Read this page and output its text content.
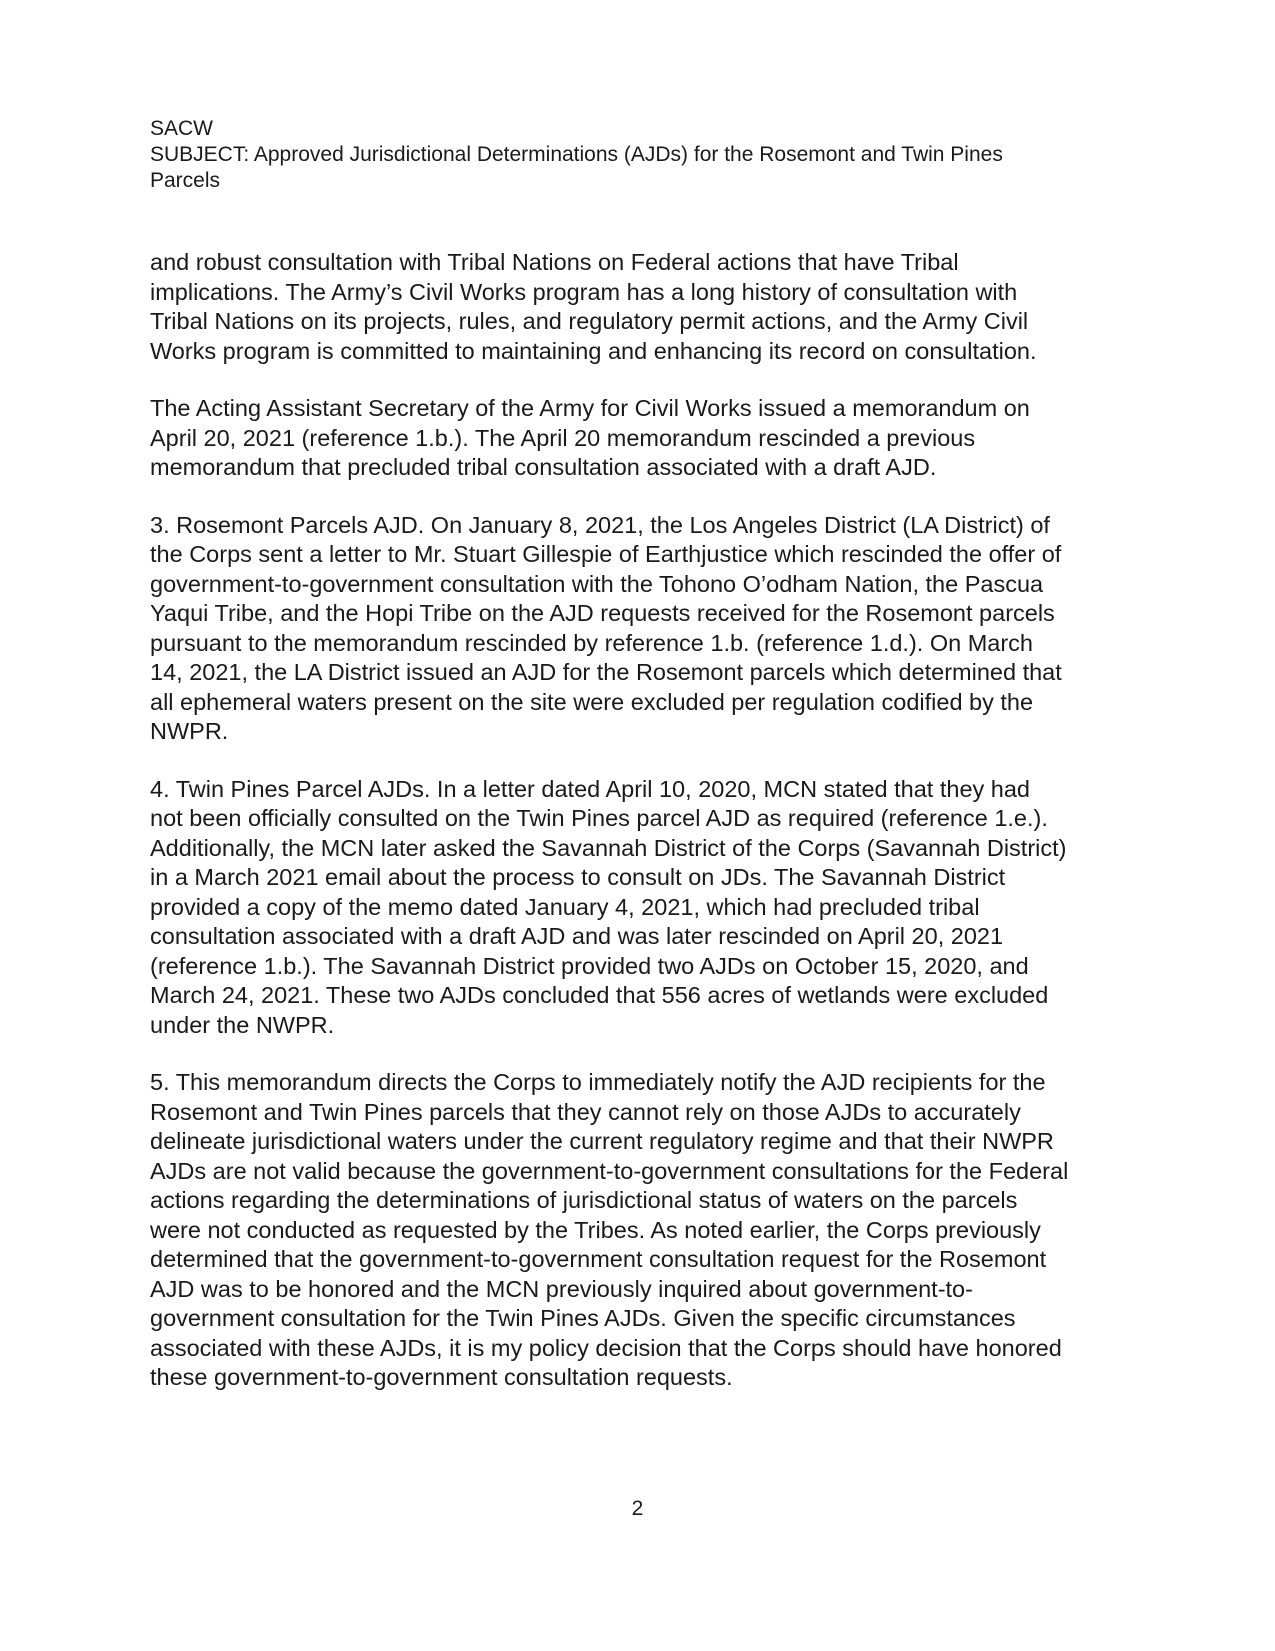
SACW
SUBJECT: Approved Jurisdictional Determinations (AJDs) for the Rosemont and Twin Pines
Parcels

and robust consultation with Tribal Nations on Federal actions that have Tribal
implications. The Army’s Civil Works program has a long history of consultation with
Tribal Nations on its projects, rules, and regulatory permit actions, and the Army Civil
Works program is committed to maintaining and enhancing its record on consultation.

The Acting Assistant Secretary of the Army for Civil Works issued a memorandum on
April 20, 2021 (reference 1.b.). The April 20 memorandum rescinded a previous
memorandum that precluded tribal consultation associated with a draft AJD.

3. Rosemont Parcels AJD. On January 8, 2021, the Los Angeles District (LA District) of
the Corps sent a letter to Mr. Stuart Gillespie of Earthjustice which rescinded the offer of
government-to-government consultation with the Tohono O’odham Nation, the Pascua
Yaqui Tribe, and the Hopi Tribe on the AJD requests received for the Rosemont parcels
pursuant to the memorandum rescinded by reference 1.b. (reference 1.d.). On March
14, 2021, the LA District issued an AJD for the Rosemont parcels which determined that
all ephemeral waters present on the site were excluded per regulation codified by the
NWPR.

4. Twin Pines Parcel AJDs. In a letter dated April 10, 2020, MCN stated that they had
not been officially consulted on the Twin Pines parcel AJD as required (reference 1.e.).
Additionally, the MCN later asked the Savannah District of the Corps (Savannah District)
in a March 2021 email about the process to consult on JDs. The Savannah District
provided a copy of the memo dated January 4, 2021, which had precluded tribal
consultation associated with a draft AJD and was later rescinded on April 20, 2021
(reference 1.b.). The Savannah District provided two AJDs on October 15, 2020, and
March 24, 2021. These two AJDs concluded that 556 acres of wetlands were excluded
under the NWPR.

5. This memorandum directs the Corps to immediately notify the AJD recipients for the
Rosemont and Twin Pines parcels that they cannot rely on those AJDs to accurately
delineate jurisdictional waters under the current regulatory regime and that their NWPR
AJDs are not valid because the government-to-government consultations for the Federal
actions regarding the determinations of jurisdictional status of waters on the parcels
were not conducted as requested by the Tribes. As noted earlier, the Corps previously
determined that the government-to-government consultation request for the Rosemont
AJD was to be honored and the MCN previously inquired about government-to-
government consultation for the Twin Pines AJDs. Given the specific circumstances
associated with these AJDs, it is my policy decision that the Corps should have honored
these government-to-government consultation requests.

2
